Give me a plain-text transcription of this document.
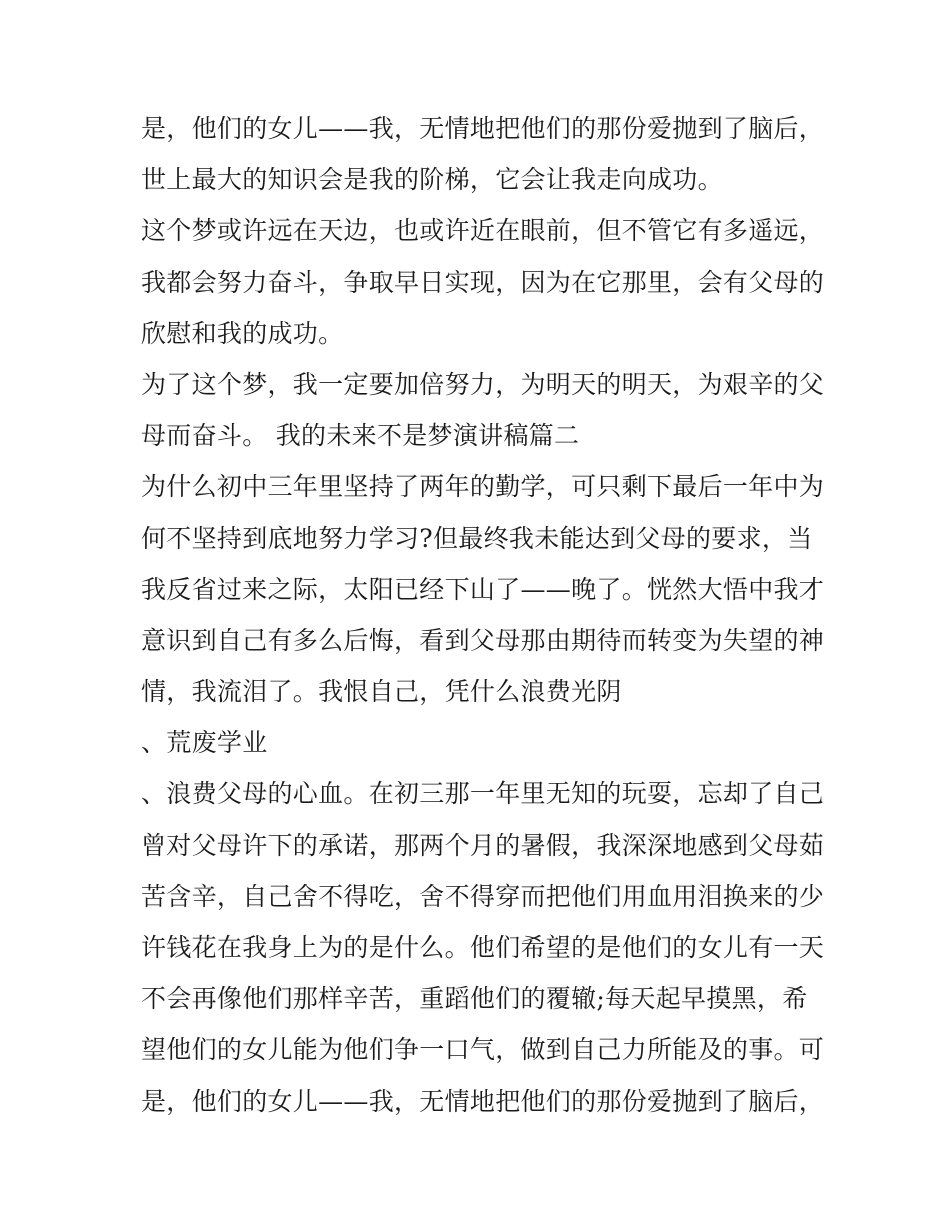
是，他们的女儿——我，无情地把他们的那份爱抛到了脑后，
世上最大的知识会是我的阶梯，它会让我走向成功。
这个梦或许远在天边，也或许近在眼前，但不管它有多遥远，
我都会努力奋斗，争取早日实现，因为在它那里，会有父母的
欣慰和我的成功。
为了这个梦，我一定要加倍努力，为明天的明天，为艰辛的父
母而奋斗。 我的未来不是梦演讲稿篇二
为什么初中三年里坚持了两年的勤学，可只剩下最后一年中为
何不坚持到底地努力学习?但最终我未能达到父母的要求，当
我反省过来之际，太阳已经下山了——晚了。恍然大悟中我才
意识到自己有多么后悔，看到父母那由期待而转变为失望的神
情，我流泪了。我恨自己，凭什么浪费光阴
、荒废学业
、浪费父母的心血。在初三那一年里无知的玩耍，忘却了自己
曾对父母许下的承诺，那两个月的暑假，我深深地感到父母茹
苦含辛，自己舍不得吃，舍不得穿而把他们用血用泪换来的少
许钱花在我身上为的是什么。他们希望的是他们的女儿有一天
不会再像他们那样辛苦，重蹈他们的覆辙;每天起早摸黑，希
望他们的女儿能为他们争一口气，做到自己力所能及的事。可
是，他们的女儿——我，无情地把他们的那份爱抛到了脑后，
